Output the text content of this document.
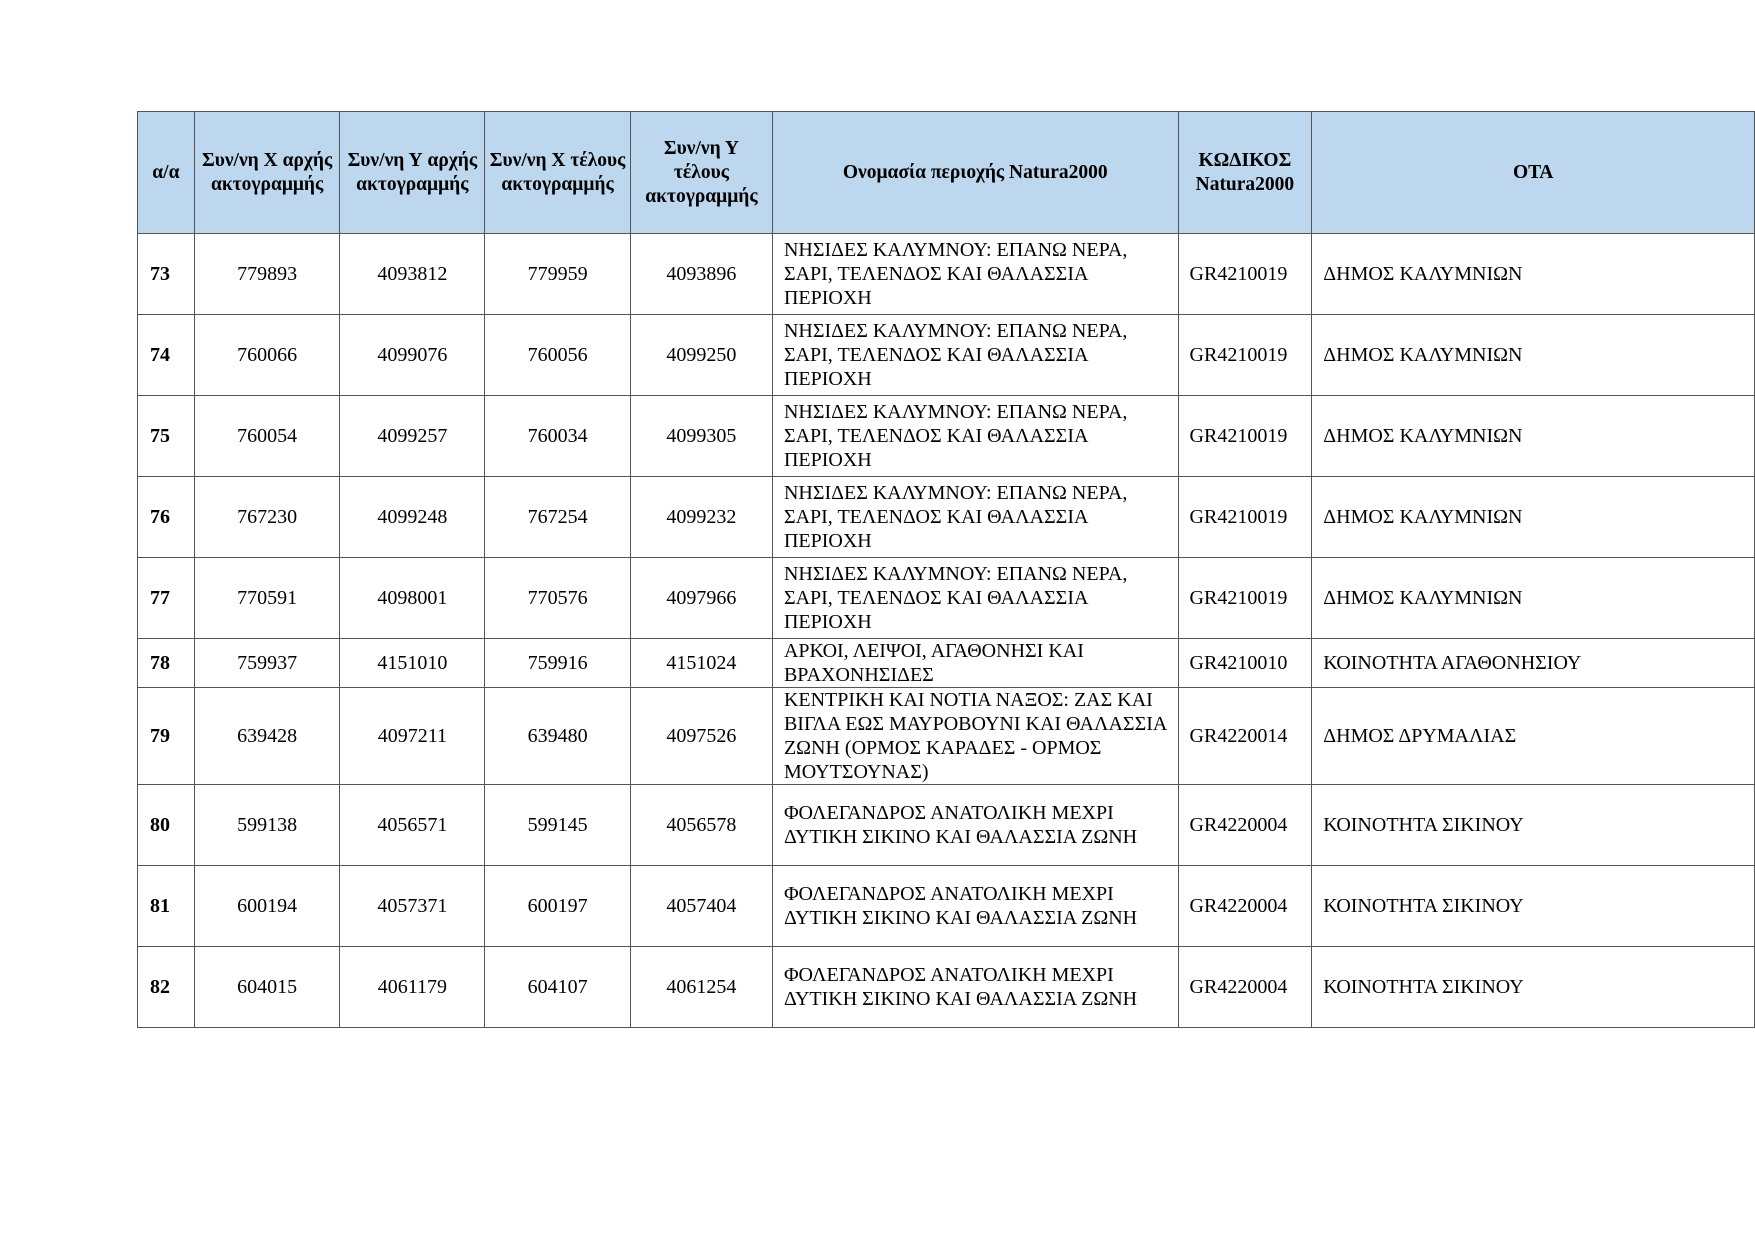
α/α	Συν/νη Χ αρχής ακτογραμμής	Συν/νη Υ αρχής ακτογραμμής	Συν/νη Χ τέλους ακτογραμμής	Συν/νη Υ τέλους ακτογραμμής	Ονομασία περιοχής Natura2000	ΚΩΔΙΚΟΣ Natura2000	ΟΤΑ
73	779893	4093812	779959	4093896	ΝΗΣΙΔΕΣ ΚΑΛΥΜΝΟΥ: ΕΠΑΝΩ ΝΕΡΑ, ΣΑΡΙ, ΤΕΛΕΝΔΟΣ ΚΑΙ ΘΑΛΑΣΣΙΑ ΠΕΡΙΟΧΗ	GR4210019	ΔΗΜΟΣ ΚΑΛΥΜΝΙΩΝ
74	760066	4099076	760056	4099250	ΝΗΣΙΔΕΣ ΚΑΛΥΜΝΟΥ: ΕΠΑΝΩ ΝΕΡΑ, ΣΑΡΙ, ΤΕΛΕΝΔΟΣ ΚΑΙ ΘΑΛΑΣΣΙΑ ΠΕΡΙΟΧΗ	GR4210019	ΔΗΜΟΣ ΚΑΛΥΜΝΙΩΝ
75	760054	4099257	760034	4099305	ΝΗΣΙΔΕΣ ΚΑΛΥΜΝΟΥ: ΕΠΑΝΩ ΝΕΡΑ, ΣΑΡΙ, ΤΕΛΕΝΔΟΣ ΚΑΙ ΘΑΛΑΣΣΙΑ ΠΕΡΙΟΧΗ	GR4210019	ΔΗΜΟΣ ΚΑΛΥΜΝΙΩΝ
76	767230	4099248	767254	4099232	ΝΗΣΙΔΕΣ ΚΑΛΥΜΝΟΥ: ΕΠΑΝΩ ΝΕΡΑ, ΣΑΡΙ, ΤΕΛΕΝΔΟΣ ΚΑΙ ΘΑΛΑΣΣΙΑ ΠΕΡΙΟΧΗ	GR4210019	ΔΗΜΟΣ ΚΑΛΥΜΝΙΩΝ
77	770591	4098001	770576	4097966	ΝΗΣΙΔΕΣ ΚΑΛΥΜΝΟΥ: ΕΠΑΝΩ ΝΕΡΑ, ΣΑΡΙ, ΤΕΛΕΝΔΟΣ ΚΑΙ ΘΑΛΑΣΣΙΑ ΠΕΡΙΟΧΗ	GR4210019	ΔΗΜΟΣ ΚΑΛΥΜΝΙΩΝ
78	759937	4151010	759916	4151024	ΑΡΚΟΙ, ΛΕΙΨΟΙ, ΑΓΑΘΟΝΗΣΙ ΚΑΙ ΒΡΑΧΟΝΗΣΙΔΕΣ	GR4210010	ΚΟΙΝΟΤΗΤΑ ΑΓΑΘΟΝΗΣΙΟΥ
79	639428	4097211	639480	4097526	ΚΕΝΤΡΙΚΗ ΚΑΙ ΝΟΤΙΑ ΝΑΞΟΣ: ΖΑΣ ΚΑΙ ΒΙΓΛΑ ΕΩΣ ΜΑΥΡΟΒΟΥΝΙ ΚΑΙ ΘΑΛΑΣΣΙΑ ΖΩΝΗ (ΟΡΜΟΣ ΚΑΡΑΔΕΣ - ΟΡΜΟΣ ΜΟΥΤΣΟΥΝΑΣ)	GR4220014	ΔΗΜΟΣ ΔΡΥΜΑΛΙΑΣ
80	599138	4056571	599145	4056578	ΦΟΛΕΓΑΝΔΡΟΣ ΑΝΑΤΟΛΙΚΗ ΜΕΧΡΙ ΔΥΤΙΚΗ ΣΙΚΙΝΟ ΚΑΙ ΘΑΛΑΣΣΙΑ ΖΩΝΗ	GR4220004	ΚΟΙΝΟΤΗΤΑ ΣΙΚΙΝΟΥ
81	600194	4057371	600197	4057404	ΦΟΛΕΓΑΝΔΡΟΣ ΑΝΑΤΟΛΙΚΗ ΜΕΧΡΙ ΔΥΤΙΚΗ ΣΙΚΙΝΟ ΚΑΙ ΘΑΛΑΣΣΙΑ ΖΩΝΗ	GR4220004	ΚΟΙΝΟΤΗΤΑ ΣΙΚΙΝΟΥ
82	604015	4061179	604107	4061254	ΦΟΛΕΓΑΝΔΡΟΣ ΑΝΑΤΟΛΙΚΗ ΜΕΧΡΙ ΔΥΤΙΚΗ ΣΙΚΙΝΟ ΚΑΙ ΘΑΛΑΣΣΙΑ ΖΩΝΗ	GR4220004	ΚΟΙΝΟΤΗΤΑ ΣΙΚΙΝΟΥ
